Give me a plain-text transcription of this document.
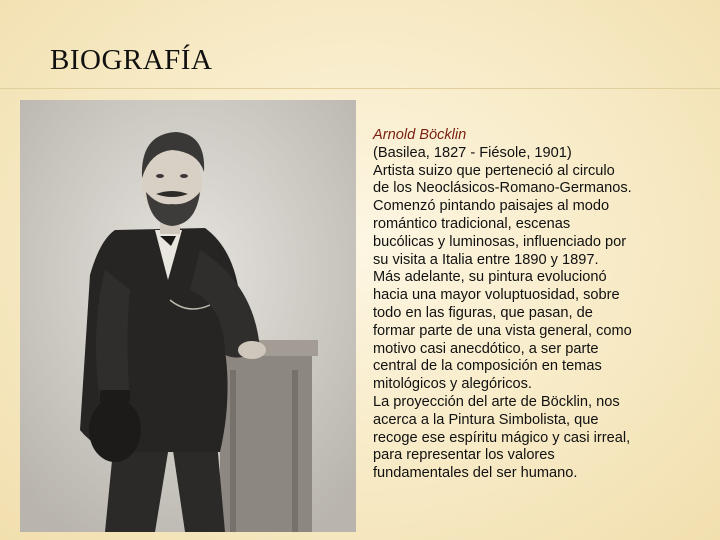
BIOGRAFÍA
Arnold Böcklin
(Basilea, 1827 - Fiésole, 1901)
Artista suizo que perteneció al circulo
de los Neoclásicos-Romano-Germanos.
Comenzó pintando paisajes al modo
romántico tradicional, escenas
bucólicas y luminosas, influenciado por
su visita a Italia entre 1890 y 1897.
Más adelante, su pintura evolucionó
hacia una mayor voluptuosidad, sobre
todo en las figuras, que pasan, de
formar parte de una vista general, como
motivo casi anecdótico, a ser parte
central de la composición en temas
mitológicos y alegóricos.
La proyección del arte de Böcklin, nos
acerca a la Pintura Simbolista, que
recoge ese espíritu mágico y casi irreal,
para representar los valores
fundamentales del ser humano.
